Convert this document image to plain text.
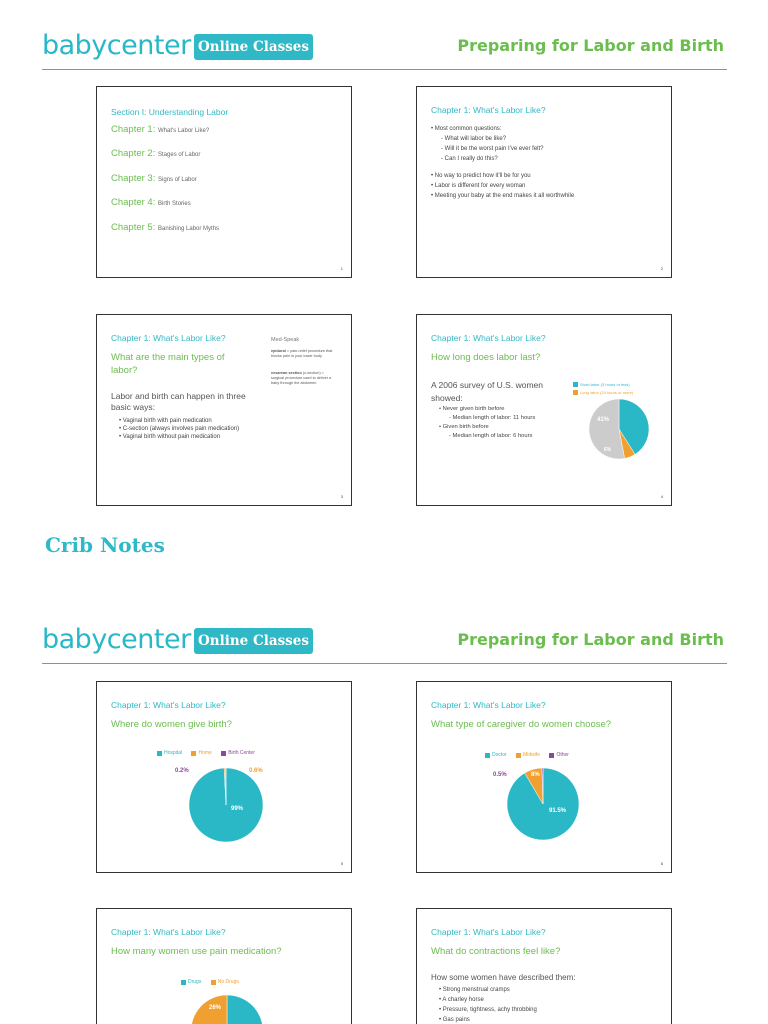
babycenter Online Classes	Preparing for Labor and Birth
Section I: Understanding Labor
Chapter 1: What's Labor Like?
Chapter 2: Stages of Labor
Chapter 3: Signs of Labor
Chapter 4: Birth Stories
Chapter 5: Banishing Labor Myths
1
Chapter 1: What's Labor Like?
• Most common questions:
- What will labor be like?
- Will it be the worst pain I've ever felt?
- Can I really do this?
• No way to predict how it'll be for you
• Labor is different for every woman
• Meeting your baby at the end makes it all worthwhile
2
Chapter 1: What's Labor Like?
What are the main types of labor?
Labor and birth can happen in three basic ways:
• Vaginal birth with pain medication
• C-section (always involves pain medication)
• Vaginal birth without pain medication
Med-Speak
epidural = pain-relief procedure that blocks pain in your lower body
cesarean section (c-section) = surgical procedure used to deliver a baby through the abdomen
3
Chapter 1: What's Labor Like?
How long does labor last?
A 2006 survey of U.S. women showed:
• Never given birth before
- Median length of labor: 11 hours
• Given birth before
- Median length of labor: 6 hours
Short labor (3 hours or less)
Long labor (24 hours or more)
41%
6%
4
Crib Notes
babycenter Online Classes	Preparing for Labor and Birth
Chapter 1: What's Labor Like?
Where do women give birth?
Hospital	Home	Birth Center
99%
0.2%	0.6%
5
Chapter 1: What's Labor Like?
What type of caregiver do women choose?
Doctor	Midwife	Other
91.5%
0.5%	8%
6
Chapter 1: What's Labor Like?
How many women use pain medication?
Drugs	No Drugs
26%
Chapter 1: What's Labor Like?
What do contractions feel like?
How some women have described them:
• Strong menstrual cramps
• A charley horse
• Pressure, tightness, achy throbbing
• Gas pains
